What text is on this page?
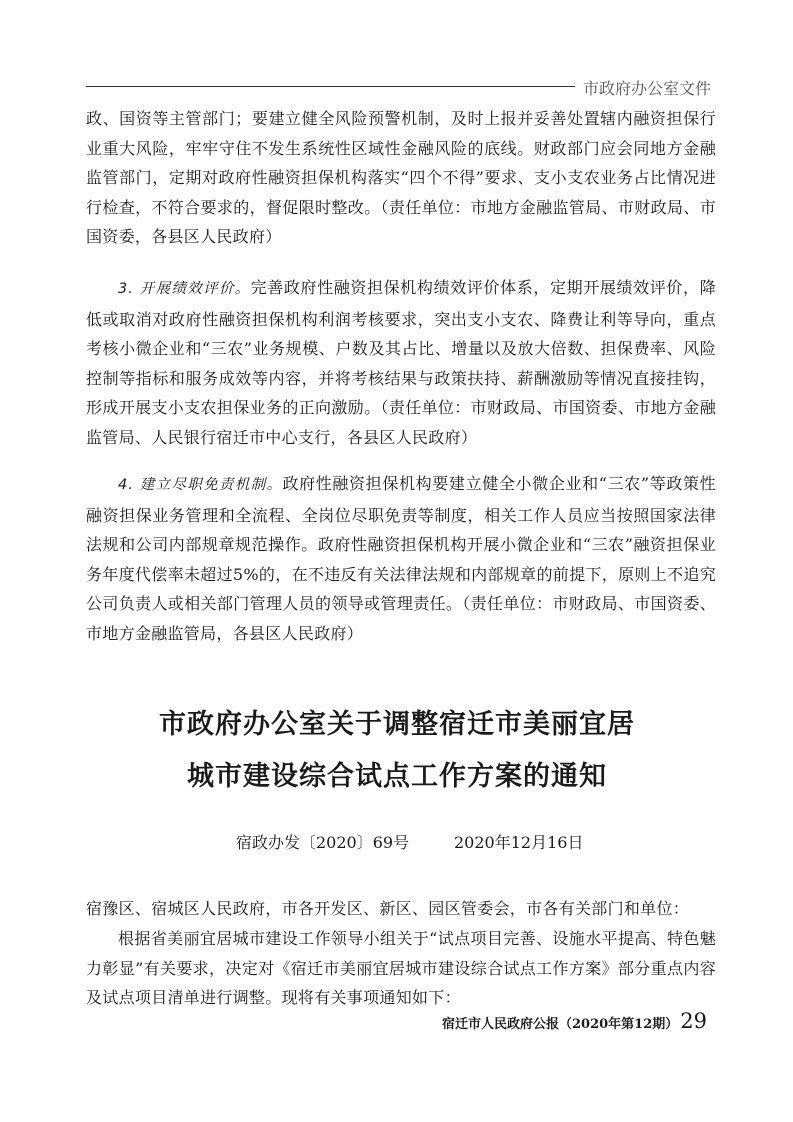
市政府办公室文件

政、国资等主管部门；要建立健全风险预警机制，及时上报并妥善处置辖内融资担保行业重大风险，牢牢守住不发生系统性区域性金融风险的底线。财政部门应会同地方金融监管部门，定期对政府性融资担保机构落实“四个不得”要求、支小支农业务占比情况进行检查，不符合要求的，督促限时整改。（责任单位：市地方金融监管局、市财政局、市国资委，各县区人民政府）

3. 开展绩效评价。完善政府性融资担保机构绩效评价体系，定期开展绩效评价，降低或取消对政府性融资担保机构利润考核要求，突出支小支农、降费让利等导向，重点考核小微企业和“三农”业务规模、户数及其占比、增量以及放大倍数、担保费率、风险控制等指标和服务成效等内容，并将考核结果与政策扶持、薪酬激励等情况直接挂钩，形成开展支小支农担保业务的正向激励。（责任单位：市财政局、市国资委、市地方金融监管局、人民银行宿迁市中心支行，各县区人民政府）

4. 建立尽职免责机制。政府性融资担保机构要建立健全小微企业和“三农”等政策性融资担保业务管理和全流程、全岗位尽职免责等制度，相关工作人员应当按照国家法律法规和公司内部规章规范操作。政府性融资担保机构开展小微企业和“三农”融资担保业务年度代偿率未超过5%的，在不违反有关法律法规和内部规章的前提下，原则上不追究公司负责人或相关部门管理人员的领导或管理责任。（责任单位：市财政局、市国资委、市地方金融监管局，各县区人民政府）

市政府办公室关于调整宿迁市美丽宜居
城市建设综合试点工作方案的通知
宿政办发〔2020〕69号	2020年12月16日

宿豫区、宿城区人民政府，市各开发区、新区、园区管委会，市各有关部门和单位：

根据省美丽宜居城市建设工作领导小组关于“试点项目完善、设施水平提高、特色魅力彰显”有关要求，决定对《宿迁市美丽宜居城市建设综合试点工作方案》部分重点内容及试点项目清单进行调整。现将有关事项通知如下：

宿迁市人民政府公报（2020年第12期）29
